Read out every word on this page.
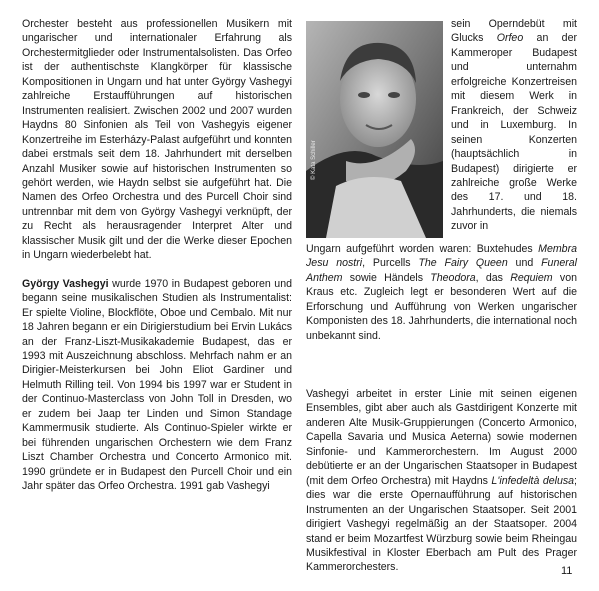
Orchester besteht aus professionellen Musikern mit ungarischer und internationaler Erfahrung als Orchestermitglieder oder Instrumentalsolisten. Das Orfeo ist der authentischste Klangkörper für klassische Kompositionen in Ungarn und hat unter György Vashegyi zahlreiche Erstaufführungen auf historischen Instrumenten realisiert. Zwischen 2002 und 2007 wurden Haydns 80 Sinfonien als Teil von Vashegyis eigener Konzertreihe im Esterházy-Palast aufgeführt und konnten dabei erstmals seit dem 18. Jahrhundert mit derselben Anzahl Musiker sowie auf historischen Instrumenten so gehört werden, wie Haydn selbst sie aufgeführt hat. Die Namen des Orfeo Orchestra und des Purcell Choir sind untrennbar mit dem von György Vashegyi verknüpft, der zu Recht als herausragender Interpret Alter und klassischer Musik gilt und der die Werke dieser Epochen in Ungarn wiederbelebt hat.

György Vashegyi wurde 1970 in Budapest geboren und begann seine musikalischen Studien als Instrumentalist: Er spielte Violine, Blockflöte, Oboe und Cembalo. Mit nur 18 Jahren begann er ein Dirigierstudium bei Ervin Lukács an der Franz-Liszt-Musikakademie Budapest, das er 1993 mit Auszeichnung abschloss. Mehrfach nahm er an Dirigier-Meisterkursen bei John Eliot Gardiner und Helmuth Rilling teil. Von 1994 bis 1997 war er Student in der Continuo-Masterclass von John Toll in Dresden, wo er zudem bei Jaap ter Linden und Simon Standage Kammermusik studierte. Als Continuo-Spieler wirkte er bei führenden ungarischen Orchestern wie dem Franz Liszt Chamber Orchestra und Concerto Armonico mit. 1990 gründete er in Budapest den Purcell Choir und ein Jahr später das Orfeo Orchestra. 1991 gab Vashegyi

© Kata Schiller

sein Operndebüt mit Glucks Orfeo an der Kammeroper Budapest und unternahm erfolgreiche Konzertreisen mit diesem Werk in Frankreich, der Schweiz und in Luxemburg. In seinen Konzerten (hauptsächlich in Budapest) dirigierte er zahlreiche große Werke des 17. und 18. Jahrhunderts, die niemals zuvor in

Ungarn aufgeführt worden waren: Buxtehudes Membra Jesu nostri, Purcells The Fairy Queen und Funeral Anthem sowie Händels Theodora, das Requiem von Kraus etc. Zugleich legt er besonderen Wert auf die Erforschung und Aufführung von Werken ungarischer Komponisten des 18. Jahrhunderts, die international noch unbekannt sind.

Vashegyi arbeitet in erster Linie mit seinen eigenen Ensembles, gibt aber auch als Gastdirigent Konzerte mit anderen Alte Musik-Gruppierungen (Concerto Armonico, Capella Savaria und Musica Aeterna) sowie modernen Sinfonie- und Kammerorchestern. Im August 2000 debütierte er an der Ungarischen Staatsoper in Budapest (mit dem Orfeo Orchestra) mit Haydns L'infedeltà delusa; dies war die erste Opernaufführung auf historischen Instrumenten an der Ungarischen Staatsoper. Seit 2001 dirigiert Vashegyi regelmäßig an der Staatsoper. 2004 stand er beim Mozartfest Würzburg sowie beim Rheingau Musikfestival in Kloster Eberbach am Pult des Prager Kammerorchesters.	11
